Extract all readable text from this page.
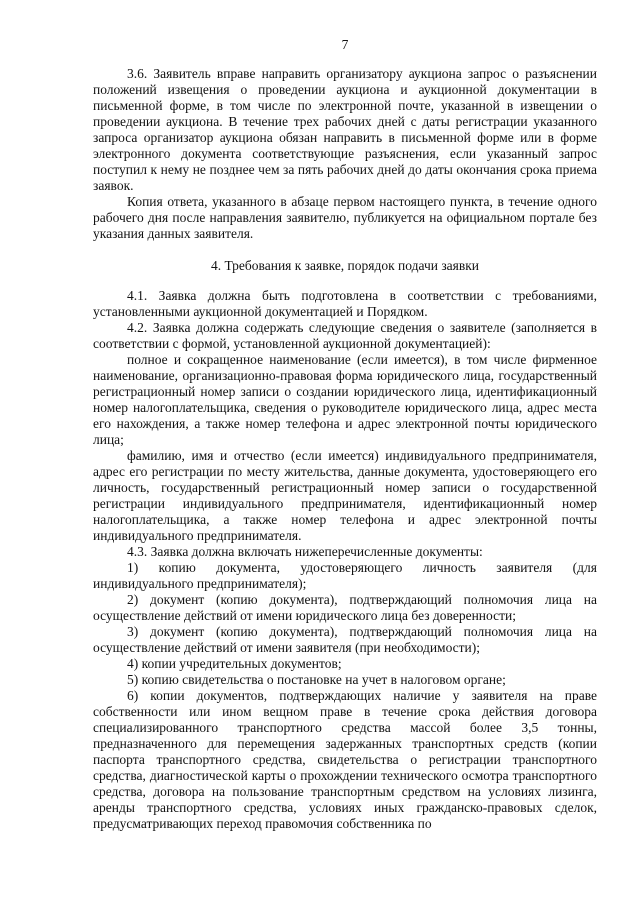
7

3.6. Заявитель вправе направить организатору аукциона запрос о разъяснении положений извещения о проведении аукциона и аукционной документации в письменной форме, в том числе по электронной почте, указанной в извещении о проведении аукциона. В течение трех рабочих дней с даты регистрации указанного запроса организатор аукциона обязан направить в письменной форме или в форме электронного документа соответствующие разъяснения, если указанный запрос поступил к нему не позднее чем за пять рабочих дней до даты окончания срока приема заявок.

Копия ответа, указанного в абзаце первом настоящего пункта, в течение одного рабочего дня после направления заявителю, публикуется на официальном портале без указания данных заявителя.

4. Требования к заявке, порядок подачи заявки

4.1. Заявка должна быть подготовлена в соответствии с требованиями, установленными аукционной документацией и Порядком.

4.2. Заявка должна содержать следующие сведения о заявителе (заполняется в соответствии с формой, установленной аукционной документацией):

полное и сокращенное наименование (если имеется), в том числе фирменное наименование, организационно-правовая форма юридического лица, государственный регистрационный номер записи о создании юридического лица, идентификационный номер налогоплательщика, сведения о руководителе юридического лица, адрес места его нахождения, а также номер телефона и адрес электронной почты юридического лица;

фамилию, имя и отчество (если имеется) индивидуального предпринимателя, адрес его регистрации по месту жительства, данные документа, удостоверяющего его личность, государственный регистрационный номер записи о государственной регистрации индивидуального предпринимателя, идентификационный номер налогоплательщика, а также номер телефона и адрес электронной почты индивидуального предпринимателя.

4.3. Заявка должна включать нижеперечисленные документы:

1) копию документа, удостоверяющего личность заявителя (для индивидуального предпринимателя);

2) документ (копию документа), подтверждающий полномочия лица на осуществление действий от имени юридического лица без доверенности;

3) документ (копию документа), подтверждающий полномочия лица на осуществление действий от имени заявителя (при необходимости);

4) копии учредительных документов;

5) копию свидетельства о постановке на учет в налоговом органе;

6) копии документов, подтверждающих наличие у заявителя на праве собственности или ином вещном праве в течение срока действия договора специализированного транспортного средства массой более 3,5 тонны, предназначенного для перемещения задержанных транспортных средств (копии паспорта транспортного средства, свидетельства о регистрации транспортного средства, диагностической карты о прохождении технического осмотра транспортного средства, договора на пользование транспортным средством на условиях лизинга, аренды транспортного средства, условиях иных гражданско-правовых сделок, предусматривающих переход правомочия собственника по
